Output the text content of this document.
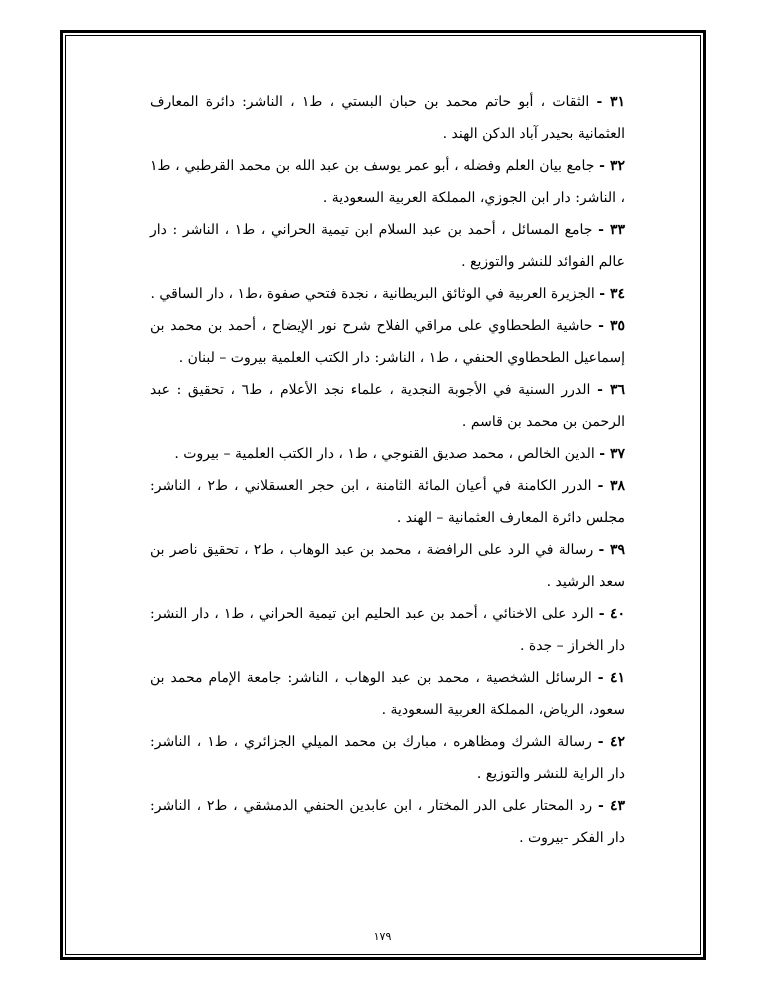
٣١ - الثقات ، أبو حاتم محمد بن حبان البستي ، ط١ ، الناشر: دائرة المعارف العثمانية بحيدر آباد الدكن الهند .

٣٢ - جامع بيان العلم وفضله ، أبو عمر يوسف بن عبد الله بن محمد القرطبي ، ط١ ، الناشر: دار ابن الجوزي، المملكة العربية السعودية .

٣٣ - جامع المسائل ، أحمد بن عبد السلام ابن تيمية الحراني ، ط١ ، الناشر : دار عالم الفوائد للنشر والتوزيع .

٣٤ - الجزيرة العربية في الوثائق البريطانية ، نجدة فتحي صفوة ،ط١ ، دار الساقي .

٣٥ - حاشية الطحطاوي على مراقي الفلاح شرح نور الإيضاح ، أحمد بن محمد بن إسماعيل الطحطاوي الحنفي ، ط١ ، الناشر: دار الكتب العلمية بيروت – لبنان .

٣٦ - الدرر السنية في الأجوبة النجدية ، علماء نجد الأعلام ، ط٦ ، تحقيق : عبد الرحمن بن محمد بن قاسم .

٣٧ - الدين الخالص ، محمد صديق القنوجي ، ط١ ، دار الكتب العلمية – بيروت .

٣٨ - الدرر الكامنة في أعيان المائة الثامنة ، ابن حجر العسقلاني ، ط٢ ، الناشر: مجلس دائرة المعارف العثمانية – الهند .

٣٩ - رسالة في الرد على الرافضة ، محمد بن عبد الوهاب ، ط٢ ، تحقيق ناصر بن سعد الرشيد .

٤٠ - الرد على الاخنائي ، أحمد بن عبد الحليم ابن تيمية الحراني ، ط١ ، دار النشر: دار الخراز – جدة .

٤١ - الرسائل الشخصية ، محمد بن عبد الوهاب ، الناشر: جامعة الإمام محمد بن سعود، الرياض، المملكة العربية السعودية .

٤٢ - رسالة الشرك ومظاهره ، مبارك بن محمد الميلي الجزائري ، ط١ ، الناشر: دار الراية للنشر والتوزيع .

٤٣ - رد المحتار على الدر المختار ، ابن عابدين الحنفي الدمشقي ، ط٢ ، الناشر: دار الفكر -بيروت .

١٧٩
